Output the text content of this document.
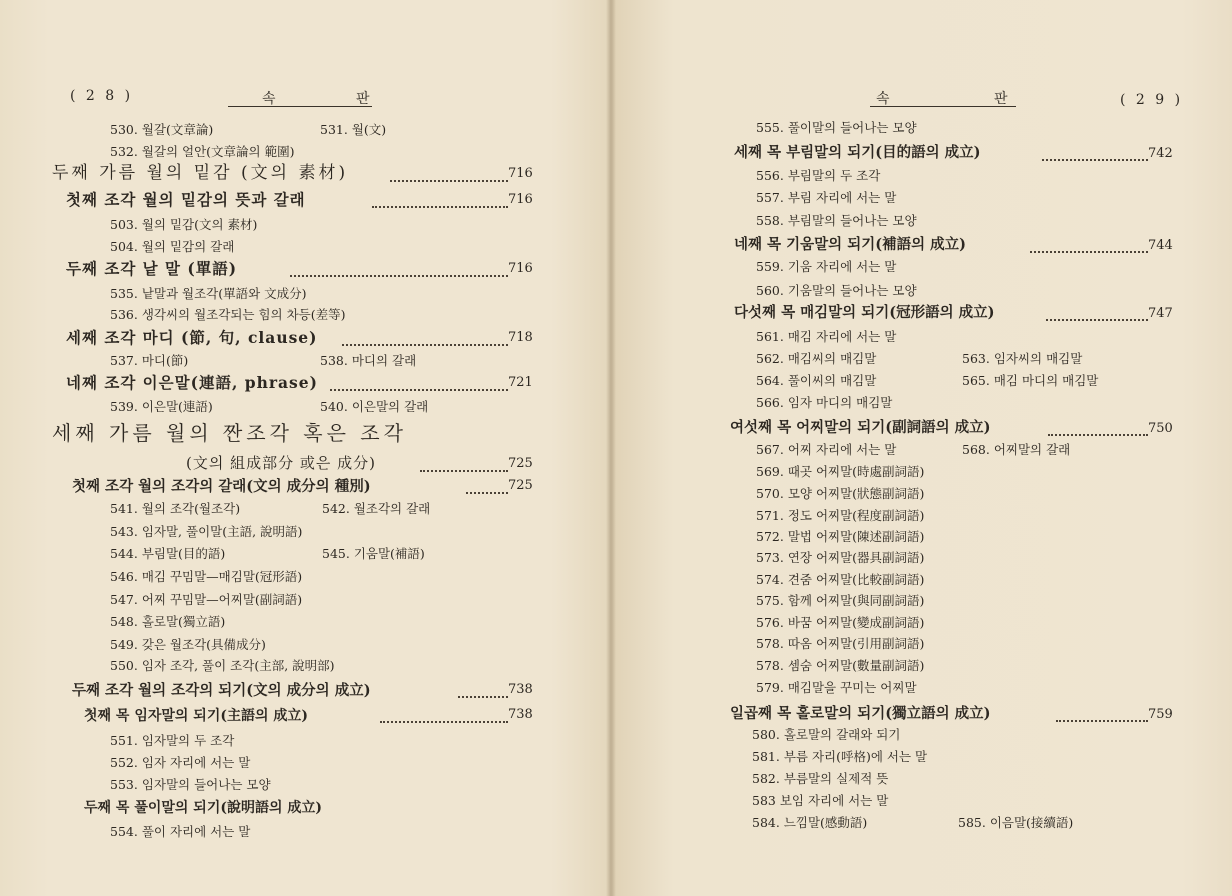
( 2 8 )	속	판
530. 월갈(文章論)	531. 월(文)
532. 월갈의 얼안(文章論의 範圍)
두째 가름 월의 밑감 (文의 素材)	716
첫째 조각 월의 밑감의 뜻과 갈래	716
503. 월의 밑감(文의 素材)
504. 월의 밑감의 갈래
두째 조각 낱 말 (單語)	716
535. 낱말과 월조각(單語와 文成分)
536. 생각씨의 월조각되는 힘의 차등(差等)
세째 조각 마디 (節, 句, clause)	718
537. 마디(節)	538. 마디의 갈래
네째 조각 이은말(連語, phrase)	721
539. 이은말(連語)	540. 이은말의 갈래
세째 가름 월의 짠조각 혹은 조각
(文의 組成部分 或은 成分)	725
첫째 조각 월의 조각의 갈래(文의 成分의 種別)	725
541. 월의 조각(월조각)	542. 월조각의 갈래
543. 임자말, 풀이말(主語, 說明語)
544. 부림말(目的語)	545. 기움말(補語)
546. 매김 꾸밈말—매김말(冠形語)
547. 어찌 꾸밈말—어찌말(副詞語)
548. 홀로말(獨立語)
549. 갖은 월조각(具備成分)
550. 임자 조각, 풀이 조각(主部, 說明部)
두째 조각 월의 조각의 되기(文의 成分의 成立)	738
첫째 목 임자말의 되기(主語의 成立)	738
551. 임자말의 두 조각
552. 임자 자리에 서는 말
553. 임자말의 들어나는 모양
두째 목 풀이말의 되기(說明語의 成立)
554. 풀이 자리에 서는 말
속	판	( 2 9 )
555. 풀이말의 들어나는 모양
세째 목 부림말의 되기(目的語의 成立)	742
556. 부림말의 두 조각
557. 부림 자리에 서는 말
558. 부림말의 들어나는 모양
네째 목 기움말의 되기(補語의 成立)	744
559. 기움 자리에 서는 말
560. 기움말의 들어나는 모양
다섯째 목 매김말의 되기(冠形語의 成立)	747
561. 매김 자리에 서는 말
562. 매김씨의 매김말	563. 임자씨의 매김말
564. 풀이씨의 매김말	565. 매김 마디의 매김말
566. 임자 마디의 매김말
여섯째 목 어찌말의 되기(副詞語의 成立)	750
567. 어찌 자리에 서는 말	568. 어찌말의 갈래
569. 때곳 어찌말(時處副詞語)
570. 모양 어찌말(狀態副詞語)
571. 정도 어찌말(程度副詞語)
572. 말법 어찌말(陳述副詞語)
573. 연장 어찌말(器具副詞語)
574. 견줌 어찌말(比較副詞語)
575. 함께 어찌말(與同副詞語)
576. 바꿈 어찌말(變成副詞語)
578. 따옴 어찌말(引用副詞語)
578. 셈숨 어찌말(數量副詞語)
579. 매김말을 꾸미는 어찌말
일곱째 목 홀로말의 되기(獨立語의 成立)	759
580. 홀로말의 갈래와 되기
581. 부름 자리(呼格)에 서는 말
582. 부름말의 실제적 뜻
583 보임 자리에 서는 말
584. 느낌말(感動語)	585. 이음말(接續語)
